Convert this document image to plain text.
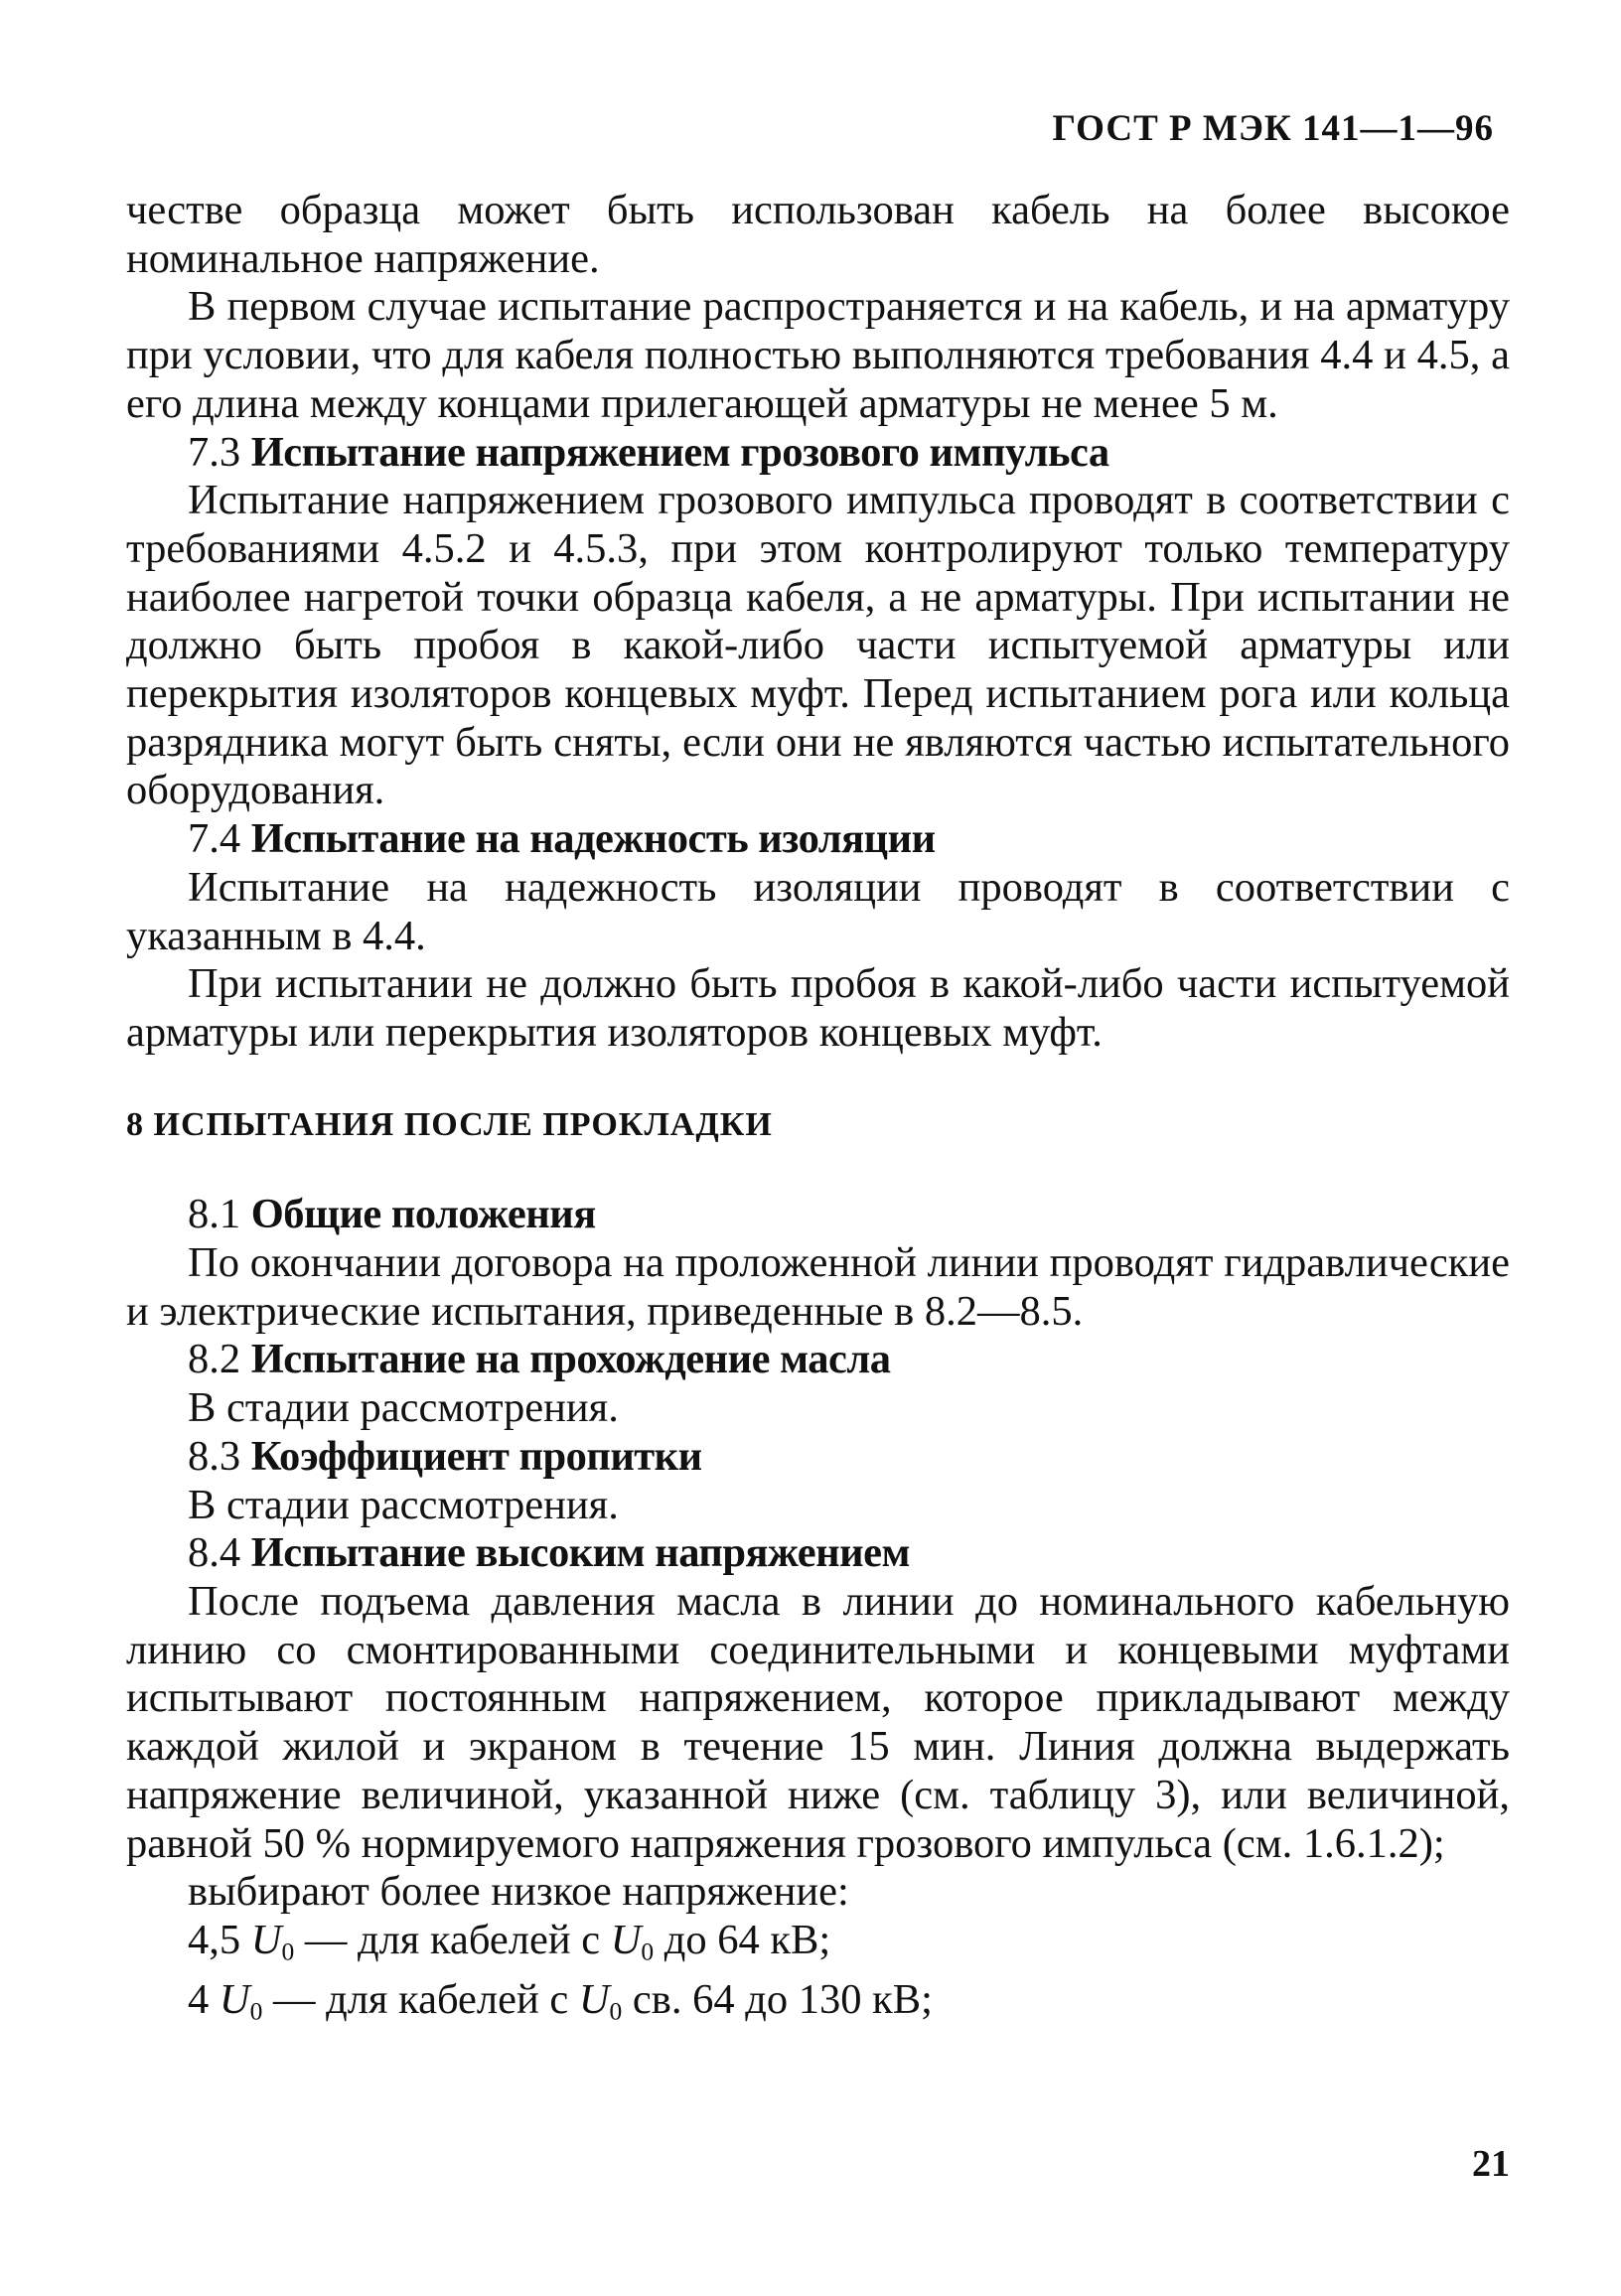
ГОСТ Р МЭК 141—1—96

честве образца может быть использован кабель на более высокое номинальное напряжение.

В первом случае испытание распространяется и на кабель, и на арматуру при условии, что для кабеля полностью выполняются требования 4.4 и 4.5, а его длина между концами прилегающей арматуры не менее 5 м.

7.3 Испытание напряжением грозового импульса

Испытание напряжением грозового импульса проводят в соответствии с требованиями 4.5.2 и 4.5.3, при этом контролируют только температуру наиболее нагретой точки образца кабеля, а не арматуры. При испытании не должно быть пробоя в какой-либо части испытуемой арматуры или перекрытия изоляторов концевых муфт. Перед испытанием рога или кольца разрядника могут быть сняты, если они не являются частью испытательного оборудования.

7.4 Испытание на надежность изоляции

Испытание на надежность изоляции проводят в соответствии с указанным в 4.4.

При испытании не должно быть пробоя в какой-либо части испытуемой арматуры или перекрытия изоляторов концевых муфт.

8 ИСПЫТАНИЯ ПОСЛЕ ПРОКЛАДКИ

8.1 Общие положения

По окончании договора на проложенной линии проводят гидравлические и электрические испытания, приведенные в 8.2—8.5.

8.2 Испытание на прохождение масла

В стадии рассмотрения.

8.3 Коэффициент пропитки

В стадии рассмотрения.

8.4 Испытание высоким напряжением

После подъема давления масла в линии до номинального кабельную линию со смонтированными соединительными и концевыми муфтами испытывают постоянным напряжением, которое прикладывают между каждой жилой и экраном в течение 15 мин. Линия должна выдержать напряжение величиной, указанной ниже (см. таблицу 3), или величиной, равной 50 % нормируемого напряжения грозового импульса (см. 1.6.1.2);

выбирают более низкое напряжение:

4,5 $U_0$ — для кабелей с $U_0$ до 64 кВ;

4 $U_0$ — для кабелей с $U_0$ св. 64 до 130 кВ;

21
